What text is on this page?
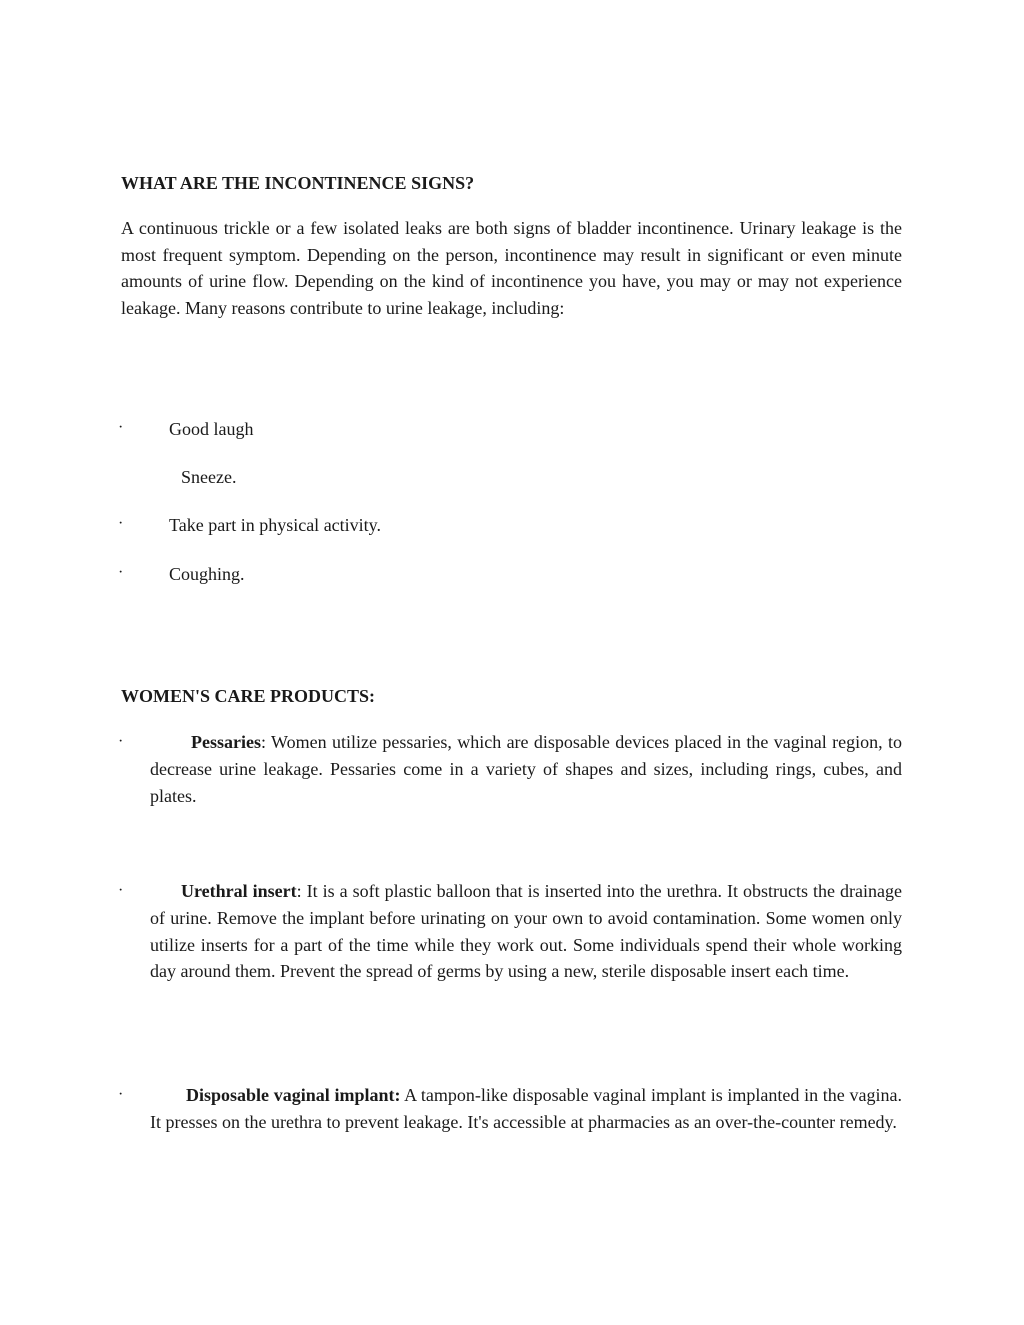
WHAT ARE THE INCONTINENCE SIGNS?

A continuous trickle or a few isolated leaks are both signs of bladder incontinence. Urinary leakage is the most frequent symptom. Depending on the person, incontinence may result in significant or even minute amounts of urine flow. Depending on the kind of incontinence you have, you may or may not experience leakage. Many reasons contribute to urine leakage, including:

·	Good laugh
Sneeze.
·	Take part in physical activity.
·	Coughing.
WOMEN'S CARE PRODUCTS:
·	Pessaries: Women utilize pessaries, which are disposable devices placed in the vaginal region, to decrease urine leakage. Pessaries come in a variety of shapes and sizes, including rings, cubes, and plates.

·	Urethral insert: It is a soft plastic balloon that is inserted into the urethra. It obstructs the drainage of urine. Remove the implant before urinating on your own to avoid contamination. Some women only utilize inserts for a part of the time while they work out. Some individuals spend their whole working day around them. Prevent the spread of germs by using a new, sterile disposable insert each time.

·	Disposable vaginal implant: A tampon-like disposable vaginal implant is implanted in the vagina. It presses on the urethra to prevent leakage. It's accessible at pharmacies as an over-the-counter remedy.
